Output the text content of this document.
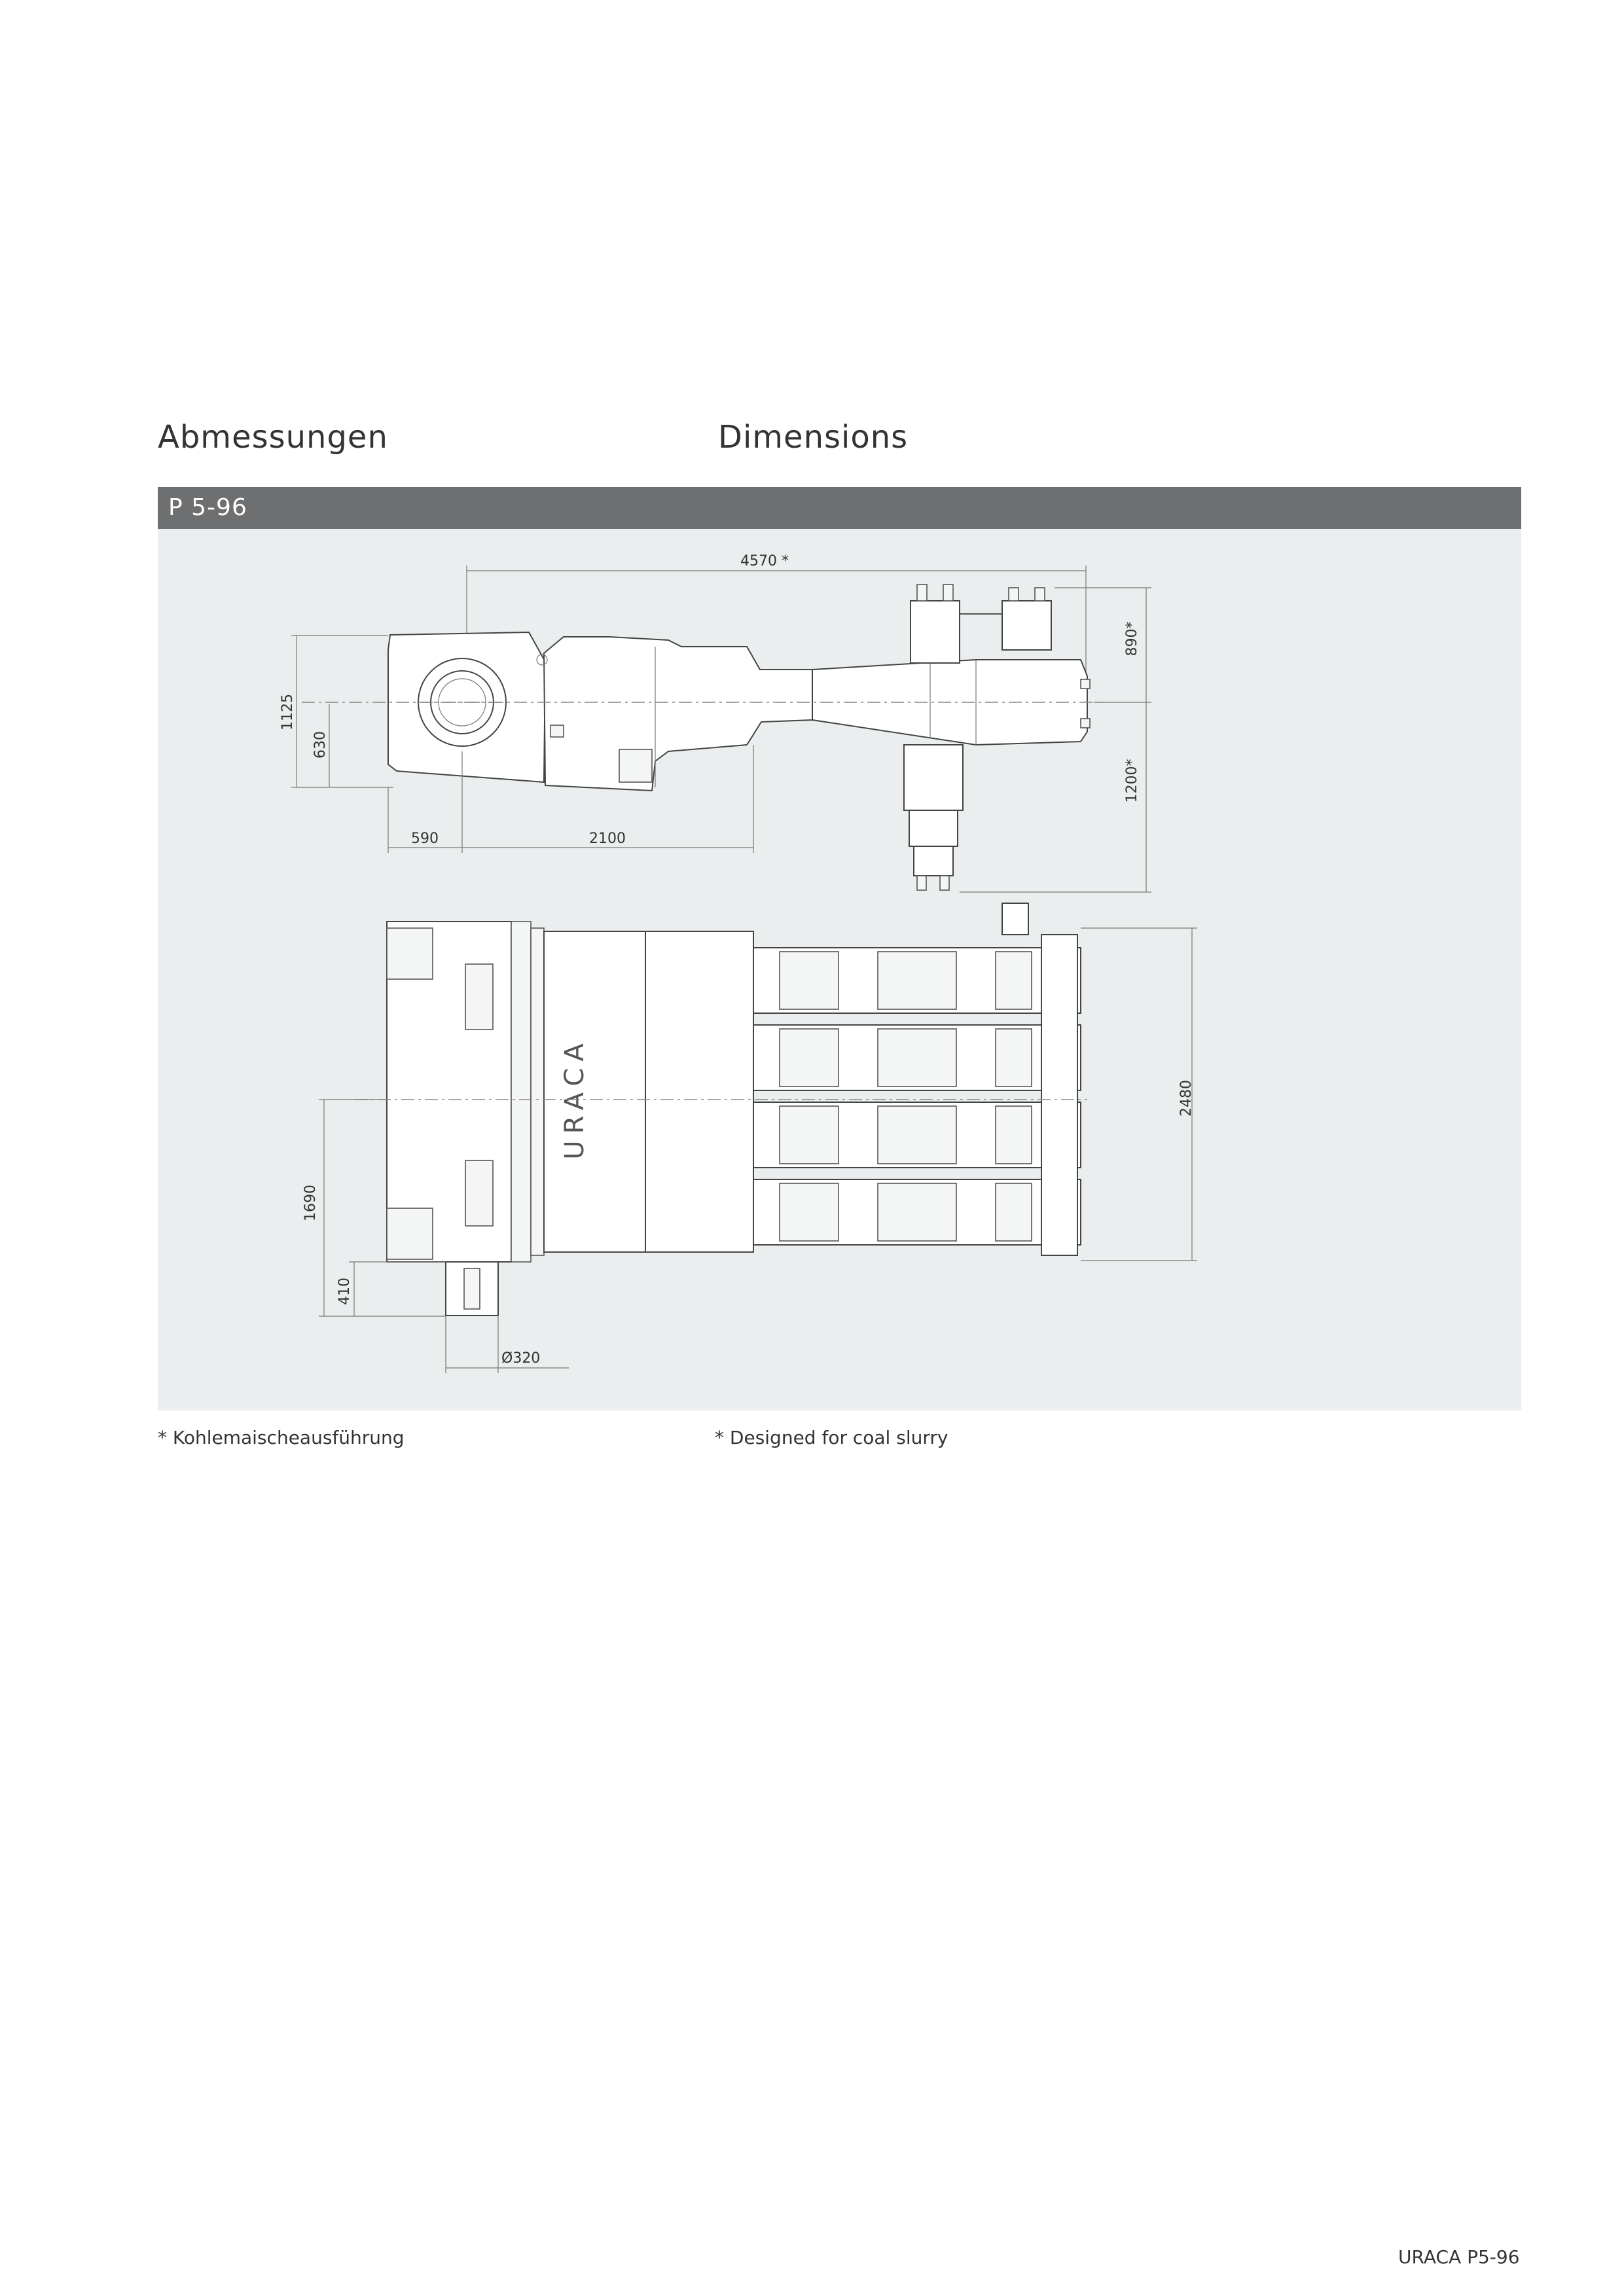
Abmessungen	Dimensions
P 5-96
4570 *
1125
630
590	2100
890*
1200*
URACA	2480
1690
410
Ø320
* Kohlemaischeausführung	* Designed for coal slurry
URACA P5-96
